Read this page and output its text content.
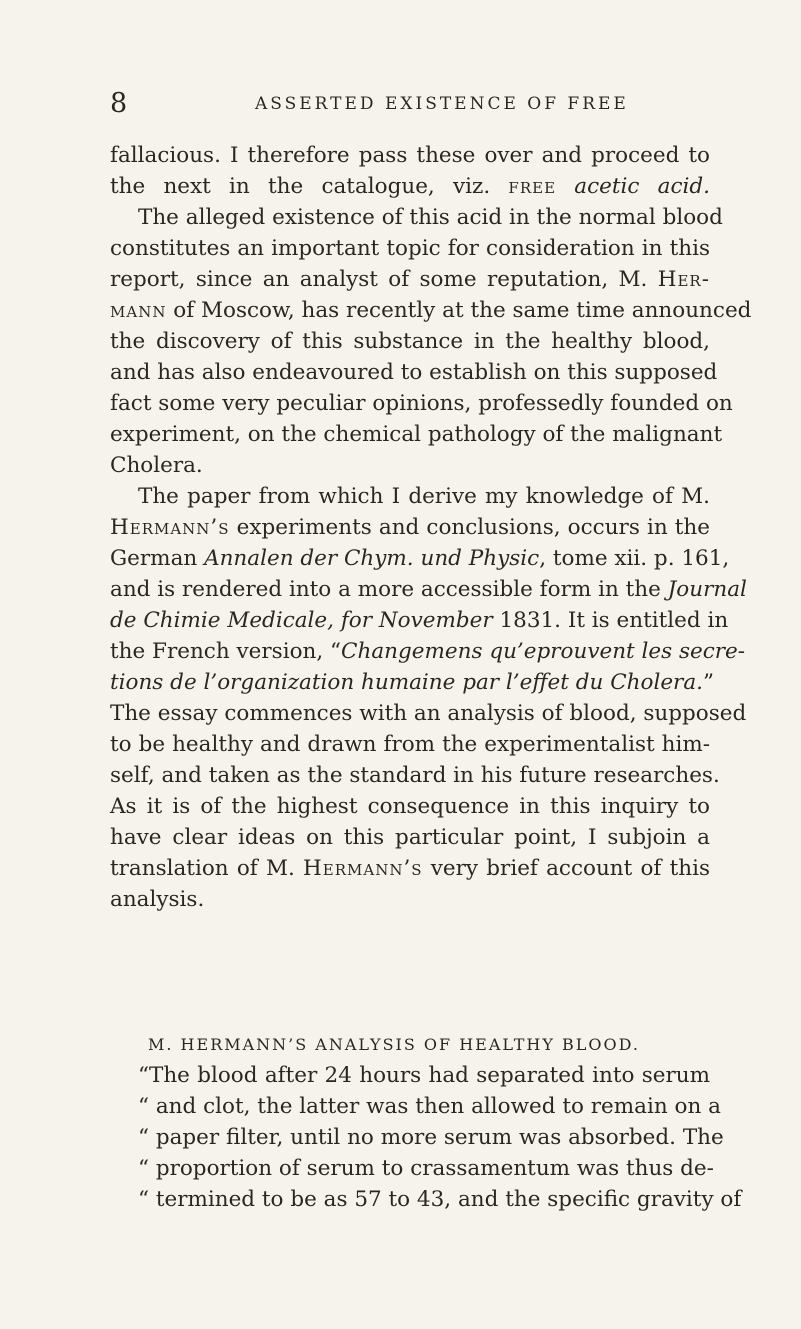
8	ASSERTED EXISTENCE OF FREE
fallacious. I therefore pass these over and proceed to
the next in the catalogue, viz. free acetic acid.
The alleged existence of this acid in the normal blood
constitutes an important topic for consideration in this
report, since an analyst of some reputation, M. Her-
mann of Moscow, has recently at the same time announced
the discovery of this substance in the healthy blood,
and has also endeavoured to establish on this supposed
fact some very peculiar opinions, professedly founded on
experiment, on the chemical pathology of the malignant
Cholera.
The paper from which I derive my knowledge of M.
Hermann’s experiments and conclusions, occurs in the
German Annalen der Chym. und Physic, tome xii. p. 161,
and is rendered into a more accessible form in the Journal
de Chimie Medicale, for November 1831. It is entitled in
the French version, “Changemens qu’eprouvent les secre-
tions de l’organization humaine par l’effet du Cholera.”
The essay commences with an analysis of blood, supposed
to be healthy and drawn from the experimentalist him-
self, and taken as the standard in his future researches.
As it is of the highest consequence in this inquiry to
have clear ideas on this particular point, I subjoin a
translation of M. Hermann’s very brief account of this
analysis.
M. HERMANN’S ANALYSIS OF HEALTHY BLOOD.
“The blood after 24 hours had separated into serum
“ and clot, the latter was then allowed to remain on a
“ paper filter, until no more serum was absorbed. The
“ proportion of serum to crassamentum was thus de-
“ termined to be as 57 to 43, and the specific gravity of
